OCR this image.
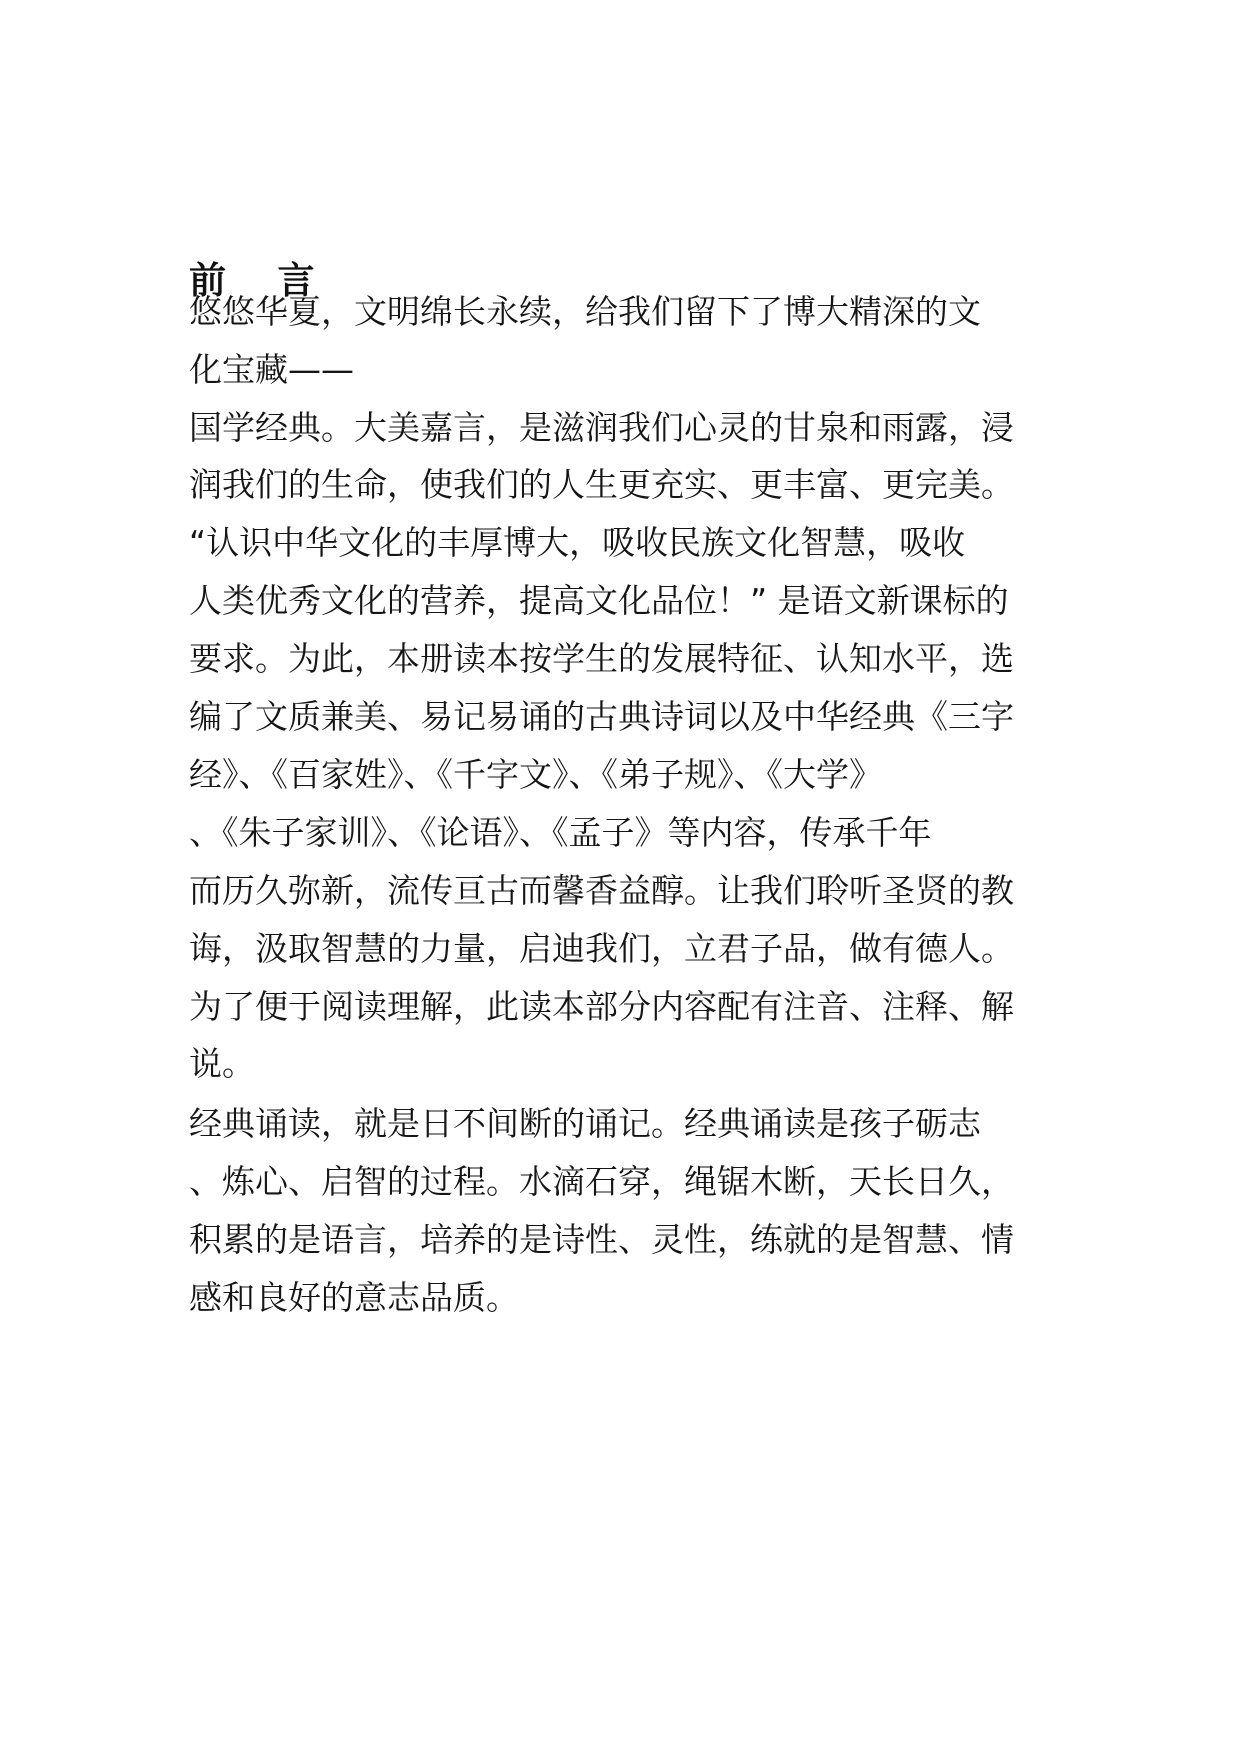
前    言
悠悠华夏，文明绵长永续，给我们留下了博大精深的文
化宝藏——
国学经典。大美嘉言，是滋润我们心灵的甘泉和雨露，浸
润我们的生命，使我们的人生更充实、更丰富、更完美。
“认识中华文化的丰厚博大，吸收民族文化智慧，吸收
人类优秀文化的营养，提高文化品位！” 是语文新课标的
要求。为此，本册读本按学生的发展特征、认知水平，选
编了文质兼美、易记易诵的古典诗词以及中华经典《三字
经》、《百家姓》、《千字文》、《弟子规》、《大学》
、《朱子家训》、《论语》、《孟子》等内容，传承千年
而历久弥新，流传亘古而馨香益醇。让我们聆听圣贤的教
诲，汲取智慧的力量，启迪我们，立君子品，做有德人。
为了便于阅读理解，此读本部分内容配有注音、注释、解
说。
经典诵读，就是日不间断的诵记。经典诵读是孩子砺志
、炼心、启智的过程。水滴石穿，绳锯木断，天长日久，
积累的是语言，培养的是诗性、灵性，练就的是智慧、情
感和良好的意志品质。
